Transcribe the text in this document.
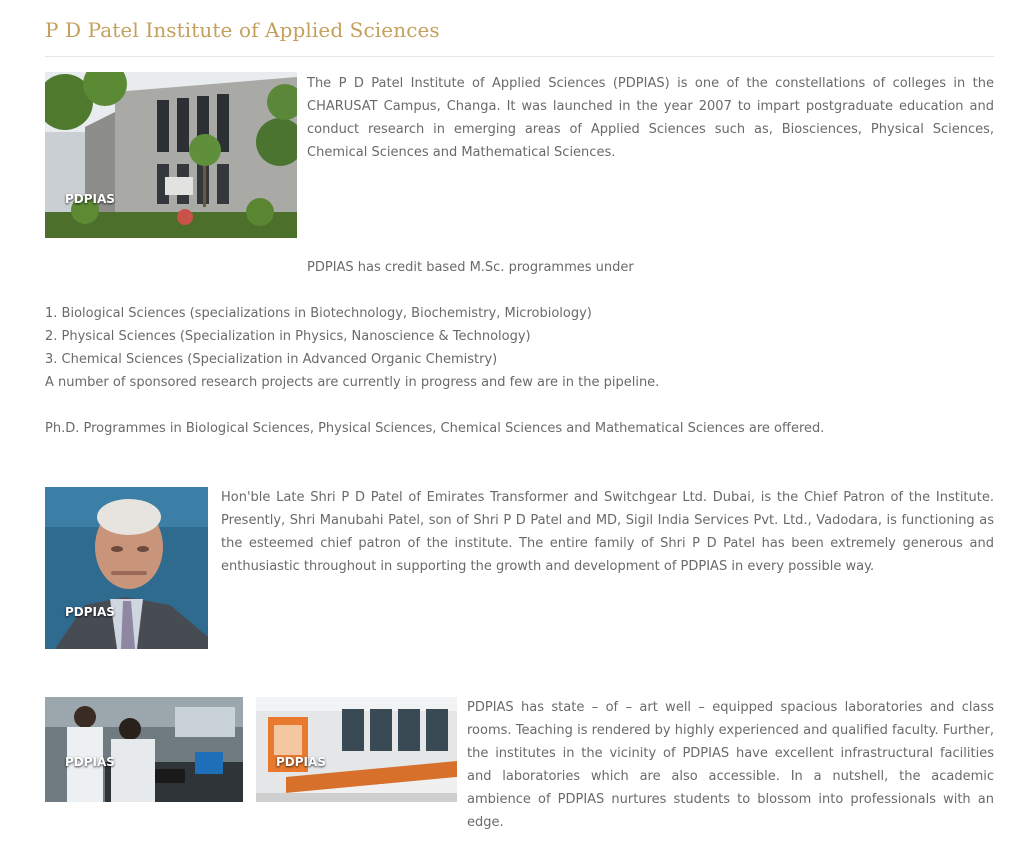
P D Patel Institute of Applied Sciences
PDPIAS

The P D Patel Institute of Applied Sciences (PDPIAS) is one of the constellations of colleges in the CHARUSAT Campus, Changa. It was launched in the year 2007 to impart postgraduate education and conduct research in emerging areas of Applied Sciences such as, Biosciences, Physical Sciences, Chemical Sciences and Mathematical Sciences.

PDPIAS has credit based M.Sc. programmes under
1. Biological Sciences (specializations in Biotechnology, Biochemistry, Microbiology)
2. Physical Sciences (Specialization in Physics, Nanoscience & Technology)
3. Chemical Sciences (Specialization in Advanced Organic Chemistry)
A number of sponsored research projects are currently in progress and few are in the pipeline.
Ph.D. Programmes in Biological Sciences, Physical Sciences, Chemical Sciences and Mathematical Sciences are offered.
PDPIAS

Hon'ble Late Shri P D Patel of Emirates Transformer and Switchgear Ltd. Dubai, is the Chief Patron of the Institute. Presently, Shri Manubahi Patel, son of Shri P D Patel and MD, Sigil India Services Pvt. Ltd., Vadodara, is functioning as the esteemed chief patron of the institute. The entire family of Shri P D Patel has been extremely generous and enthusiastic throughout in supporting the growth and development of PDPIAS in every possible way.

PDPIAS	PDPIAS

PDPIAS has state – of – art well – equipped spacious laboratories and class rooms. Teaching is rendered by highly experienced and qualified faculty. Further, the institutes in the vicinity of PDPIAS have excellent infrastructural facilities and laboratories which are also accessible. In a nutshell, the academic ambience of PDPIAS nurtures students to blossom into professionals with an edge.
